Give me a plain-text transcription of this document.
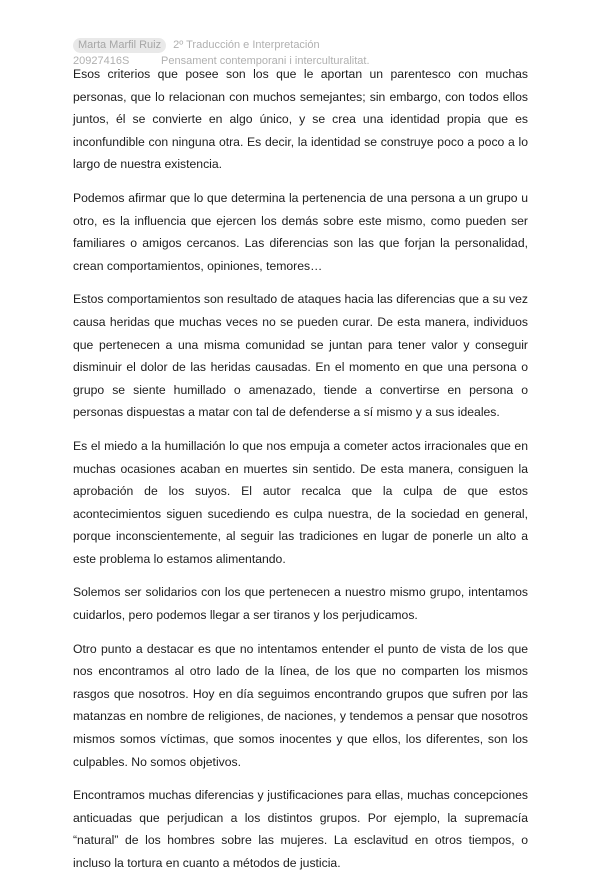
Marta Marfil Ruiz	2º Traducción e Interpretación
20927416S	Pensament contemporani i interculturalitat.

Esos criterios que posee son los que le aportan un parentesco con muchas personas, que lo relacionan con muchos semejantes; sin embargo, con todos ellos juntos, él se convierte en algo único, y se crea una identidad propia que es inconfundible con ninguna otra. Es decir, la identidad se construye poco a poco a lo largo de nuestra existencia.

Podemos afirmar que lo que determina la pertenencia de una persona a un grupo u otro, es la influencia que ejercen los demás sobre este mismo, como pueden ser familiares o amigos cercanos. Las diferencias son las que forjan la personalidad, crean comportamientos, opiniones, temores…

Estos comportamientos son resultado de ataques hacia las diferencias que a su vez causa heridas que muchas veces no se pueden curar. De esta manera, individuos que pertenecen a una misma comunidad se juntan para tener valor y conseguir disminuir el dolor de las heridas causadas. En el momento en que una persona o grupo se siente humillado o amenazado, tiende a convertirse en persona o personas dispuestas a matar con tal de defenderse a sí mismo y a sus ideales.

Es el miedo a la humillación lo que nos empuja a cometer actos irracionales que en muchas ocasiones acaban en muertes sin sentido. De esta manera, consiguen la aprobación de los suyos. El autor recalca que la culpa de que estos acontecimientos siguen sucediendo es culpa nuestra, de la sociedad en general, porque inconscientemente, al seguir las tradiciones en lugar de ponerle un alto a este problema lo estamos alimentando.

Solemos ser solidarios con los que pertenecen a nuestro mismo grupo, intentamos cuidarlos, pero podemos llegar a ser tiranos y los perjudicamos.

Otro punto a destacar es que no intentamos entender el punto de vista de los que nos encontramos al otro lado de la línea, de los que no comparten los mismos rasgos que nosotros. Hoy en día seguimos encontrando grupos que sufren por las matanzas en nombre de religiones, de naciones, y tendemos a pensar que nosotros mismos somos víctimas, que somos inocentes y que ellos, los diferentes, son los culpables. No somos objetivos.

Encontramos muchas diferencias y justificaciones para ellas, muchas concepciones anticuadas que perjudican a los distintos grupos. Por ejemplo, la supremacía “natural” de los hombres sobre las mujeres. La esclavitud en otros tiempos, o incluso la tortura en cuanto a métodos de justicia.
